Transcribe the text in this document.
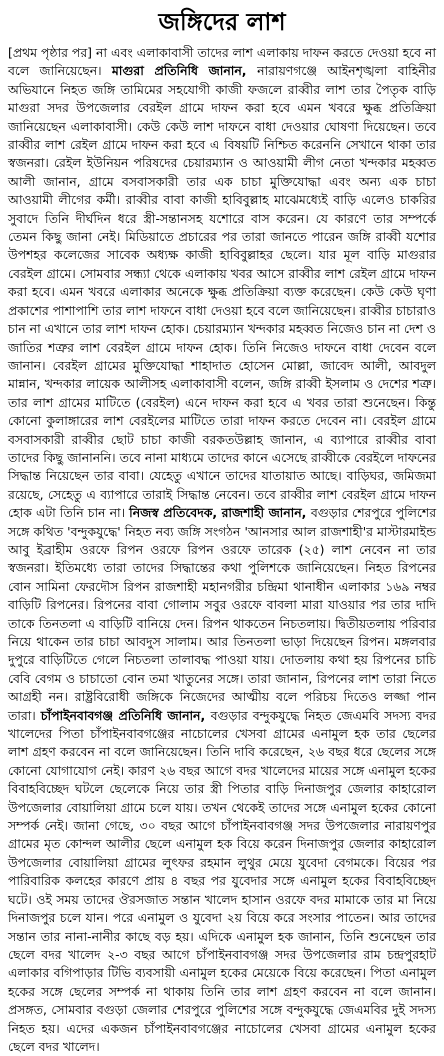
জঙ্গিদের লাশ
[প্রথম পৃষ্ঠার পর] না এবং এলাকাবাসী তাদের লাশ এলাকায় দাফন করতে দেওয়া হবে না বলে জানিয়েছেন। মাগুরা প্রতিনিধি জানান, নারায়ণগঞ্জে আইনশৃঙ্খলা বাহিনীর অভিযানে নিহত জঙ্গি তামিমের সহযোগী কাজী ফজলে রাব্বীর লাশ তার পৈতৃক বাড়ি মাগুরা সদর উপজেলার বেরইল গ্রামে দাফন করা হবে এমন খবরে ক্ষুব্ধ প্রতিক্রিয়া জানিয়েছেন এলাকাবাসী। কেউ কেউ লাশ দাফনে বাধা দেওয়ার ঘোষণা দিয়েছেন। তবে রাব্বীর লাশ রেইল গ্রামে দাফন করা হবে এ বিষয়টি নিশ্চিত করেননি সেখানে থাকা তার স্বজনরা। রেইল ইউনিয়ন পরিষদের চেয়ারম্যান ও আওয়ামী লীগ নেতা খন্দকার মহব্বত আলী জানান, গ্রামে বসবাসকারী তার এক চাচা মুক্তিযোদ্ধা এবং অন্য এক চাচা আওয়ামী লীগের কর্মী। রাব্বীর বাবা কাজী হাবিবুল্লাহ মাঝেমধ্যেই বাড়ি এলেও চাকরির সুবাদে তিনি দীর্ঘদিন ধরে স্ত্রী-সন্তানসহ যশোরে বাস করেন। যে কারণে তার সম্পর্কে তেমন কিছু জানা নেই। মিডিয়াতে প্রচারের পর তারা জানতে পারেন জঙ্গি রাব্বী যশোর উপশহর কলেজের সাবেক অধ্যক্ষ কাজী হাবিবুল্লাহর ছেলে। যার মূল বাড়ি মাগুরার বেরইল গ্রামে। সোমবার সন্ধ্যা থেকে এলাকায় খবর আসে রাব্বীর লাশ রেইল গ্রামে দাফন করা হবে। এমন খবরে এলাকার অনেকে ক্ষুব্ধ প্রতিক্রিয়া ব্যক্ত করেছেন। কেউ কেউ ঘৃণা প্রকাশের পাশাপাশি তার লাশ দাফনে বাধা দেওয়া হবে বলে জানিয়েছেন। রাব্বীর চাচারাও চান না এখানে তার লাশ দাফন হোক। চেয়ারম্যান খন্দকার মহব্বত নিজেও চান না দেশ ও জাতির শত্রুর লাশ বেরইল গ্রামে দাফন হোক। তিনি নিজেও দাফনে বাধা দেবেন বলে জানান। বেরইল গ্রামের মুক্তিযোদ্ধা শাহাদাত হোসেন মোল্লা, জাবেদ আলী, আবদুল মান্নান, খন্দকার লায়েক আলীসহ এলাকাবাসী বলেন, জঙ্গি রাব্বী ইসলাম ও দেশের শত্রু। তার লাশ গ্রামের মাটিতে (বেরইল) এনে দাফন করা হবে এ খবর তারা শুনেছেন। কিন্তু কোনো কুলাঙ্গারের লাশ বেরইলের মাটিতে তারা দাফন করতে দেবেন না। বেরইল গ্রামে বসবাসকারী রাব্বীর ছোট চাচা কাজী বরকতউল্লাহ জানান, এ ব্যাপারে রাব্বীর বাবা তাদের কিছু জানাননি। তবে নানা মাধ্যমে তাদের কানে এসেছে রাব্বীকে বেরইলে দাফনের সিদ্ধান্ত নিয়েছেন তার বাবা। যেহেতু এখানে তাদের যাতায়াত আছে। বাড়িঘর, জমিজমা রয়েছে, সেহেতু এ ব্যাপারে তারাই সিদ্ধান্ত নেবেন। তবে রাব্বীর লাশ বেরইল গ্রামে দাফন হোক এটা তিনি চান না। নিজস্ব প্রতিবেদক, রাজশাহী জানান, বগুড়ার শেরপুরে পুলিশের সঙ্গে কথিত 'বন্দুকযুদ্ধে' নিহত নব্য জঙ্গি সংগঠন 'আনসার আল রাজশাহী'র মাস্টারমাইন্ড আবু ইব্রাহীম ওরফে রিপন ওরফে রিপন ওরফে তারেক (২৫) লাশ নেবেন না তার স্বজনরা। ইতিমধ্যে তারা তাদের সিদ্ধান্তের কথা পুলিশকে জানিয়েছেন। নিহত রিপনের বোন সামিনা ফেরদৌস রিপন রাজশাহী মহানগরীর চন্দ্রিমা থানাধীন এলাকার ১৬৯ নম্বর বাড়িটি রিপনের। রিপনের বাবা গোলাম সবুর ওরফে বাবলা মারা যাওয়ার পর তার দাদি তাকে তিনতলা এ বাড়িটি বানিয়ে দেন। রিপন থাকতেন নিচতলায়। দ্বিতীয়তলায় পরিবার নিয়ে থাকেন তার চাচা আবদুস সালাম। আর তিনতলা ভাড়া দিয়েছেন রিপন। মঙ্গলবার দুপুরে বাড়িটিতে গেলে নিচতলা তালাবদ্ধ পাওয়া যায়। দোতলায় কথা হয় রিপনের চাচি বেবি বেগম ও চাচাতো বোন তমা খাতুনের সঙ্গে। তারা জানান, রিপনের লাশ তারা নিতে আগ্রহী নন। রাষ্ট্রবিরোধী জঙ্গিকে নিজেদের আত্মীয় বলে পরিচয় দিতেও লজ্জা পান তারা। চাঁপাইনবাবগঞ্জ প্রতিনিধি জানান, বগুড়ার বন্দুকযুদ্ধে নিহত জেএমবি সদস্য বদর খালেদের পিতা চাঁপাইনবাবগঞ্জের নাচোলের খেসবা গ্রামের এনামুল হক তার ছেলের লাশ গ্রহণ করবেন না বলে জানিয়েছেন। তিনি দাবি করেছেন, ২৬ বছর ধরে ছেলের সঙ্গে কোনো যোগাযোগ নেই। কারণ ২৬ বছর আগে বদর খালেদের মায়ের সঙ্গে এনামুল হকের বিবাহবিচ্ছেদ ঘটলে ছেলেকে নিয়ে তার স্ত্রী পিতার বাড়ি দিনাজপুর জেলার কাহারোল উপজেলার বোয়ালিয়া গ্রামে চলে যায়। তখন থেকেই তাদের সঙ্গে এনামুল হকের কোনো সম্পর্ক নেই। জানা গেছে, ৩০ বছর আগে চাঁপাইনবাবগঞ্জ সদর উপজেলার নারায়ণপুর গ্রামের মৃত কোন্দল আলীর ছেলে এনামুল হক বিয়ে করেন দিনাজপুর জেলার কাহারোল উপজেলার বোয়ালিয়া গ্রামের লুৎফর রহমান লুথুর মেয়ে যুবেদা বেগমকে। বিয়ের পর পারিবারিক কলহের কারণে প্রায় ৪ বছর পর যুবেদার সঙ্গে এনামুল হকের বিবাহবিচ্ছেদ ঘটে। ওই সময় তাদের ঔরসজাত সন্তান খালেদ হাসান ওরফে বদর মামাকে তার মা নিয়ে দিনাজপুর চলে যান। পরে এনামুল ও যুবেদা ২য় বিয়ে করে সংসার পাতেন। আর তাদের সন্তান তার নানা-নানীর কাছে বড় হয়। এদিকে এনামুল হক জানান, তিনি শুনেছেন তার ছেলে বদর খালেদ ২-৩ বছর আগে চাঁপাইনবাবগঞ্জ সদর উপজেলার রাম চন্দ্রপুরহাট এলাকার বগিপাড়ার টিভি ব্যবসায়ী এনামুল হকের মেয়েকে বিয়ে করেছেন। পিতা এনামুল হকের সঙ্গে ছেলের সম্পর্ক না থাকায় তিনি তার লাশ গ্রহণ করবেন না বলে জানান। প্রসঙ্গত, সোমবার বগুড়া জেলার শেরপুরে পুলিশের সঙ্গে বন্দুকযুদ্ধে জেএমবির দুই সদস্য নিহত হয়। এদের একজন চাঁপাইনবাবগঞ্জের নাচোলের খেসবা গ্রামের এনামুল হকের ছেলে বদর খালেদ।
